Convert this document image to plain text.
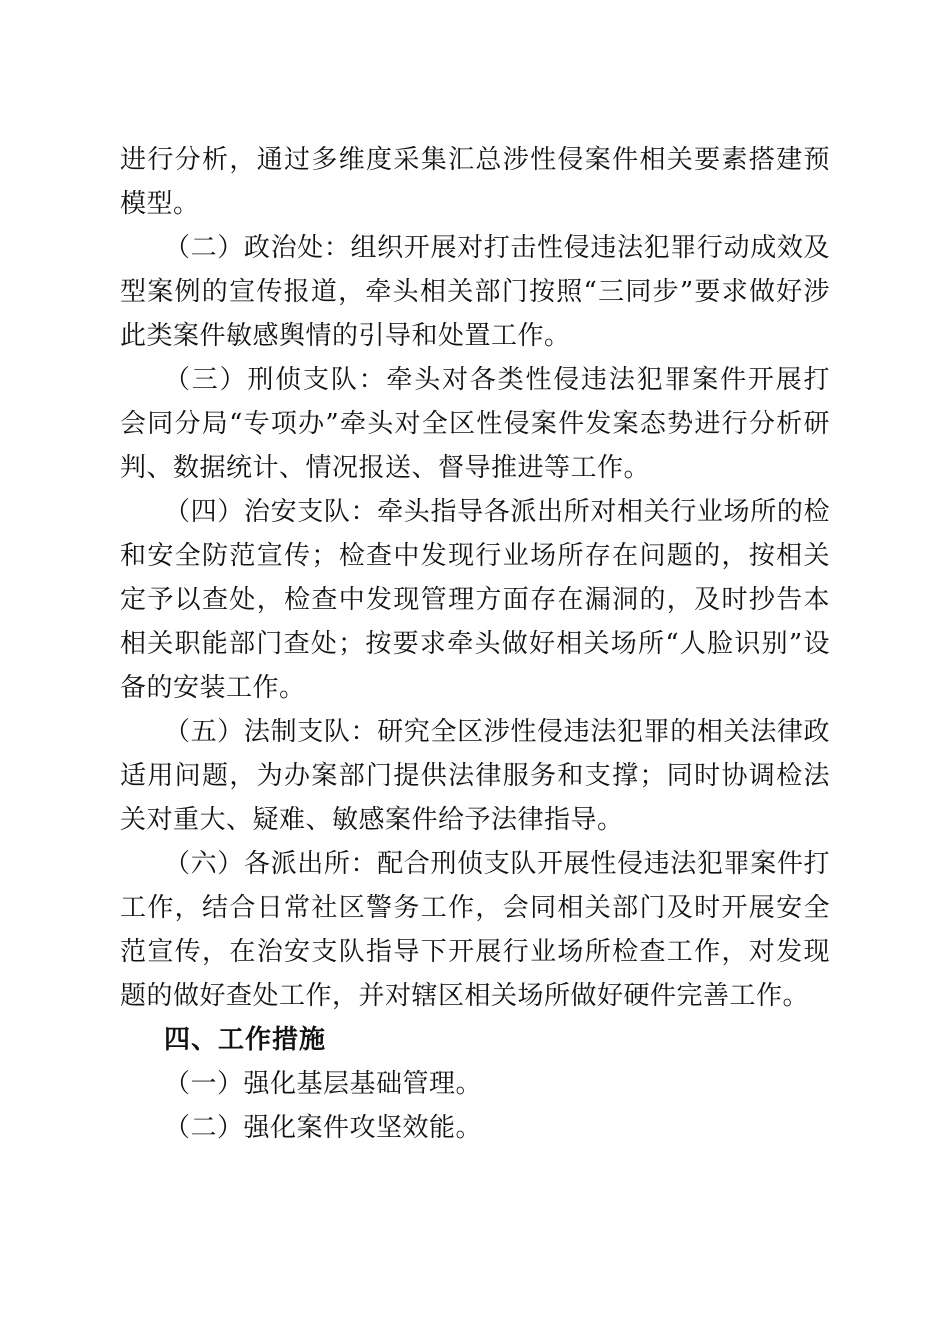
进行分析，通过多维度采集汇总涉性侵案件相关要素搭建预
模型。
（二）政治处：组织开展对打击性侵违法犯罪行动成效及
型案例的宣传报道，牵头相关部门按照“三同步”要求做好涉
此类案件敏感舆情的引导和处置工作。
（三）刑侦支队：牵头对各类性侵违法犯罪案件开展打
会同分局“专项办”牵头对全区性侵案件发案态势进行分析研
判、数据统计、情况报送、督导推进等工作。
（四）治安支队：牵头指导各派出所对相关行业场所的检
和安全防范宣传；检查中发现行业场所存在问题的，按相关
定予以查处，检查中发现管理方面存在漏洞的，及时抄告本
相关职能部门查处；按要求牵头做好相关场所“人脸识别”设
备的安装工作。
（五）法制支队：研究全区涉性侵违法犯罪的相关法律政
适用问题，为办案部门提供法律服务和支撑；同时协调检法
关对重大、疑难、敏感案件给予法律指导。
（六）各派出所：配合刑侦支队开展性侵违法犯罪案件打
工作，结合日常社区警务工作，会同相关部门及时开展安全
范宣传，在治安支队指导下开展行业场所检查工作，对发现
题的做好查处工作，并对辖区相关场所做好硬件完善工作。
四、工作措施
（一）强化基层基础管理。
（二）强化案件攻坚效能。
